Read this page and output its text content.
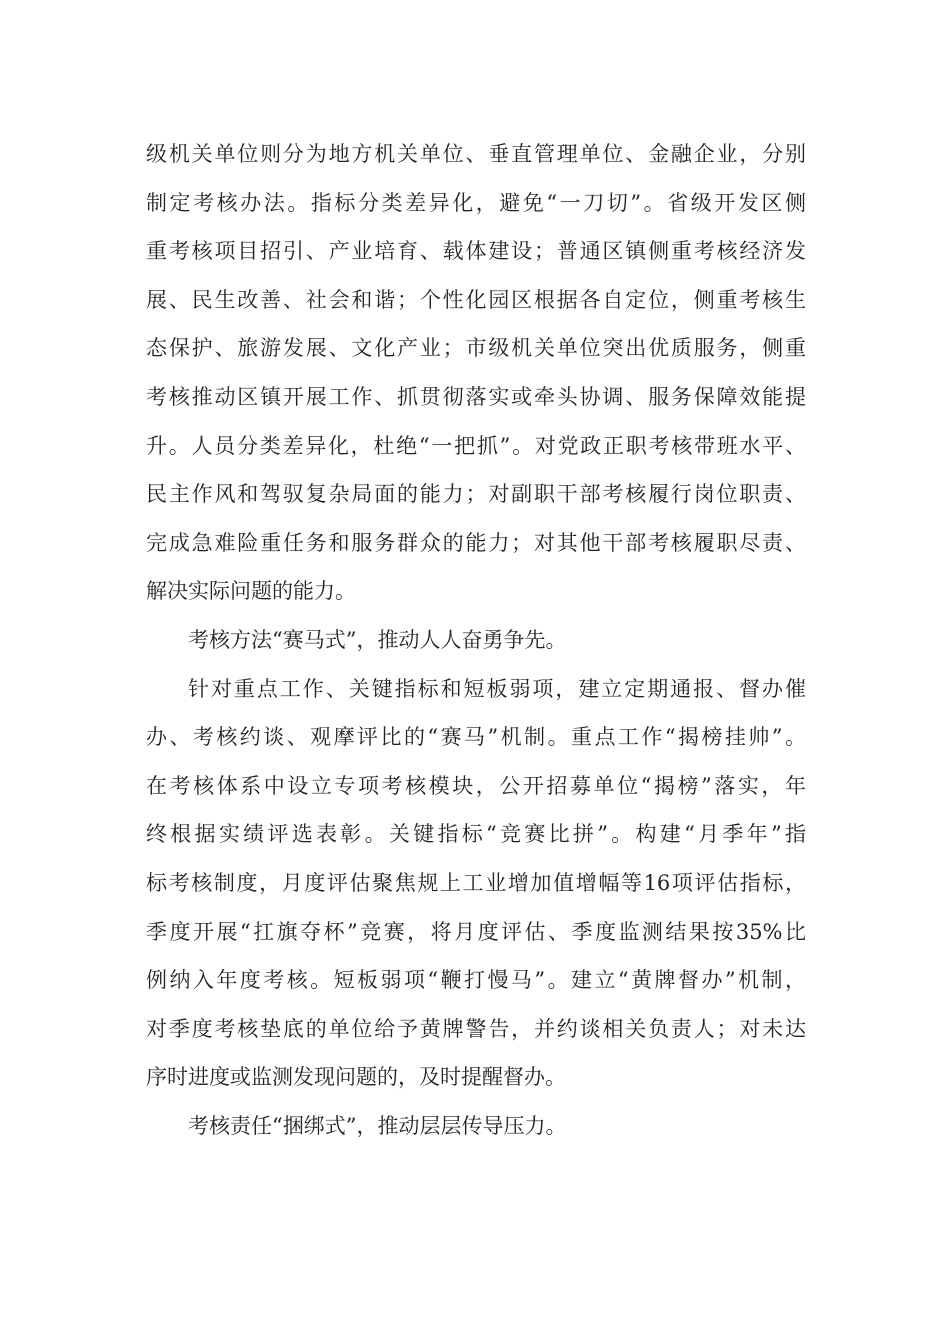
级机关单位则分为地方机关单位、垂直管理单位、金融企业，分别
制定考核办法。指标分类差异化，避免“一刀切”。省级开发区侧
重考核项目招引、产业培育、载体建设；普通区镇侧重考核经济发
展、民生改善、社会和谐；个性化园区根据各自定位，侧重考核生
态保护、旅游发展、文化产业；市级机关单位突出优质服务，侧重
考核推动区镇开展工作、抓贯彻落实或牵头协调、服务保障效能提
升。人员分类差异化，杜绝“一把抓”。对党政正职考核带班水平、
民主作风和驾驭复杂局面的能力；对副职干部考核履行岗位职责、
完成急难险重任务和服务群众的能力；对其他干部考核履职尽责、
解决实际问题的能力。
考核方法“赛马式”，推动人人奋勇争先。
针对重点工作、关键指标和短板弱项，建立定期通报、督办催
办、考核约谈、观摩评比的“赛马”机制。重点工作“揭榜挂帅”。
在考核体系中设立专项考核模块，公开招募单位“揭榜”落实，年
终根据实绩评选表彰。关键指标“竞赛比拼”。构建“月季年”指
标考核制度，月度评估聚焦规上工业增加值增幅等16项评估指标，
季度开展“扛旗夺杯”竞赛，将月度评估、季度监测结果按35%比
例纳入年度考核。短板弱项“鞭打慢马”。建立“黄牌督办”机制，
对季度考核垫底的单位给予黄牌警告，并约谈相关负责人；对未达
序时进度或监测发现问题的，及时提醒督办。
考核责任“捆绑式”，推动层层传导压力。
